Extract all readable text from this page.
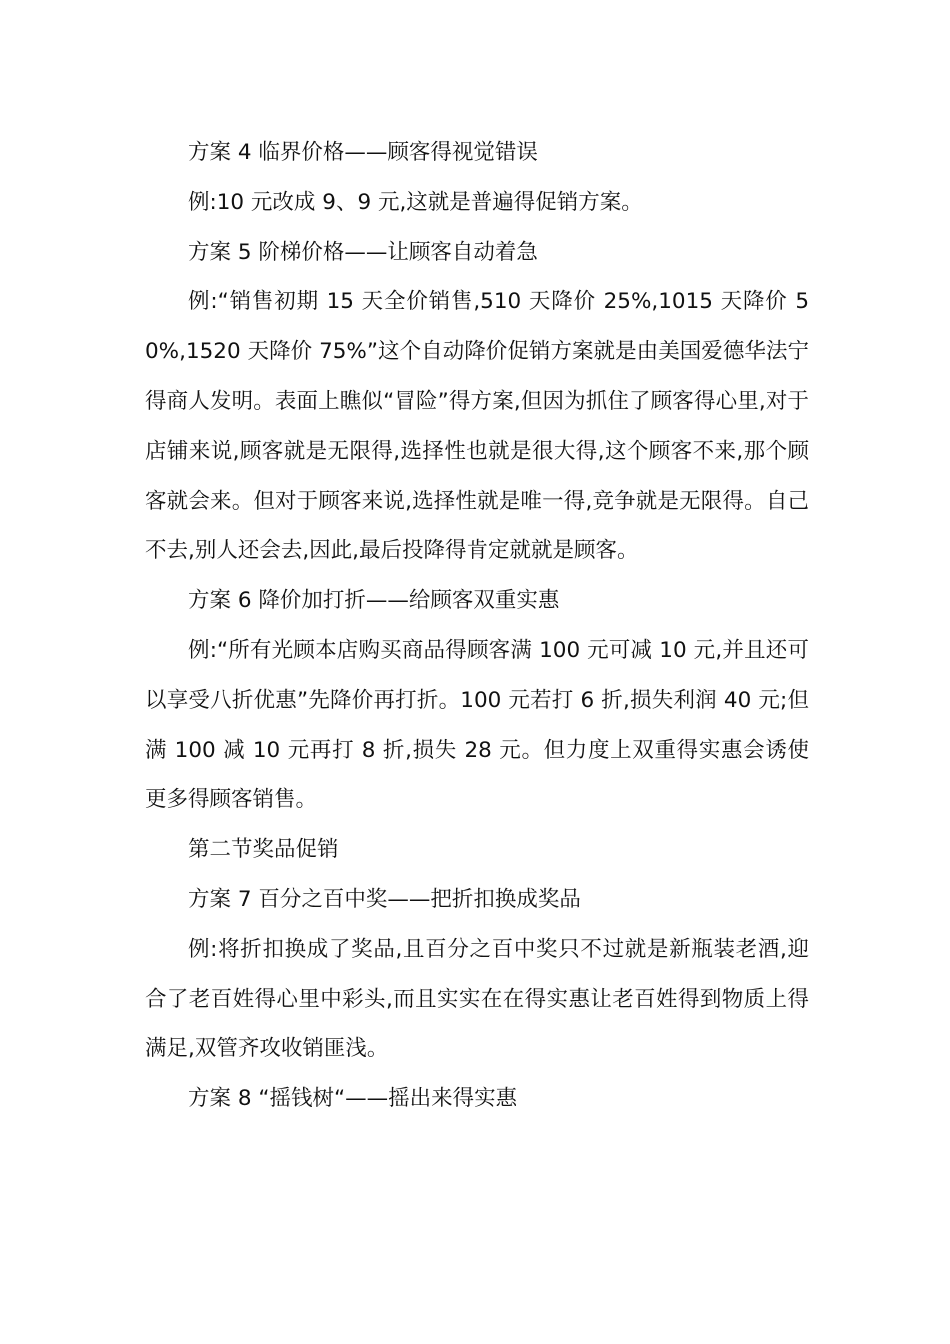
方案 4 临界价格——顾客得视觉错误

例:10 元改成 9、9 元,这就是普遍得促销方案。

方案 5 阶梯价格——让顾客自动着急

例:“销售初期 15 天全价销售,510 天降价 25%,1015 天降价 50%,1520 天降价 75%”这个自动降价促销方案就是由美国爱德华法宁得商人发明。表面上瞧似“冒险”得方案,但因为抓住了顾客得心里,对于店铺来说,顾客就是无限得,选择性也就是很大得,这个顾客不来,那个顾客就会来。但对于顾客来说,选择性就是唯一得,竞争就是无限得。自己不去,别人还会去,因此,最后投降得肯定就就是顾客。

方案 6 降价加打折——给顾客双重实惠

例:“所有光顾本店购买商品得顾客满 100 元可减 10 元,并且还可以享受八折优惠”先降价再打折。100 元若打 6 折,损失利润 40 元;但满 100 减 10 元再打 8 折,损失 28 元。但力度上双重得实惠会诱使更多得顾客销售。

第二节奖品促销

方案 7 百分之百中奖——把折扣换成奖品

例:将折扣换成了奖品,且百分之百中奖只不过就是新瓶装老酒,迎合了老百姓得心里中彩头,而且实实在在得实惠让老百姓得到物质上得满足,双管齐攻收销匪浅。

方案 8 “摇钱树“——摇出来得实惠
